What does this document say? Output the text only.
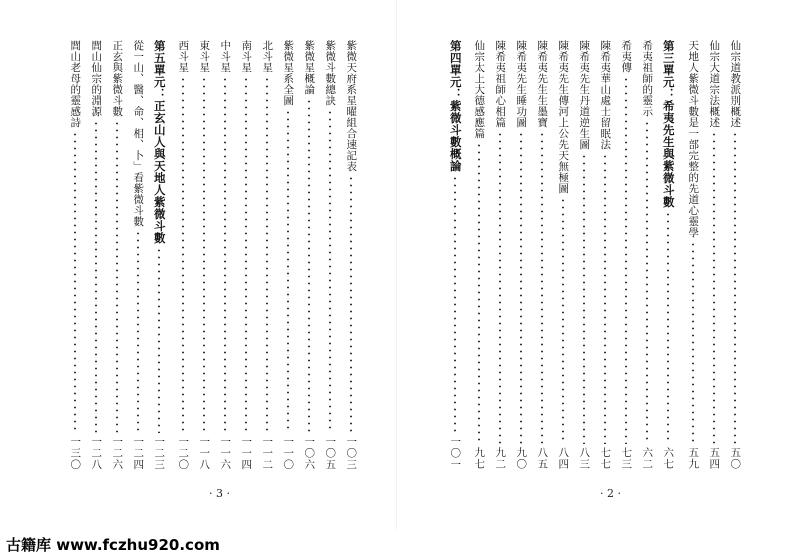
仙宗道教派別概述
五〇
仙宗大道宗法概述
五四
天地人紫微斗數是一部完整的先道心靈學
五九
第三單元：希夷先生與紫微斗數
六七
希夷祖師的靈示
六二
希夷傳
七三
陳希夷華山處士留眠法
七七
陳希夷先生丹道逆生圖
八三
陳希夷先生傳河上公先天無極圖
八四
陳希夷先生生墨寶
八五
陳希夷先生睡功圖
九〇
陳希夷祖師心相篇
九二
仙宗太上大德感應篇
九七
第四單元：紫微斗數概論
一〇一
紫微天府系星曜組合速記表
一〇三
紫微斗數總訣
一〇五
紫微星概論
一〇六
紫微星系全圖
一一〇
北斗星
一一二
南斗星
一一四
中斗星
一一六
東斗星
一一八
西斗星
一二〇
第五單元：正玄山人與天地人紫微斗數
一二三
從一山、醫、命、相、卜」看紫微斗數
一二四
正玄與紫微斗數
一二六
閭山仙宗的淵源
一二八
閭山老母的靈感詩
一三〇
· 3 ·	· 2 ·
古籍库 www.fczhu920.com
